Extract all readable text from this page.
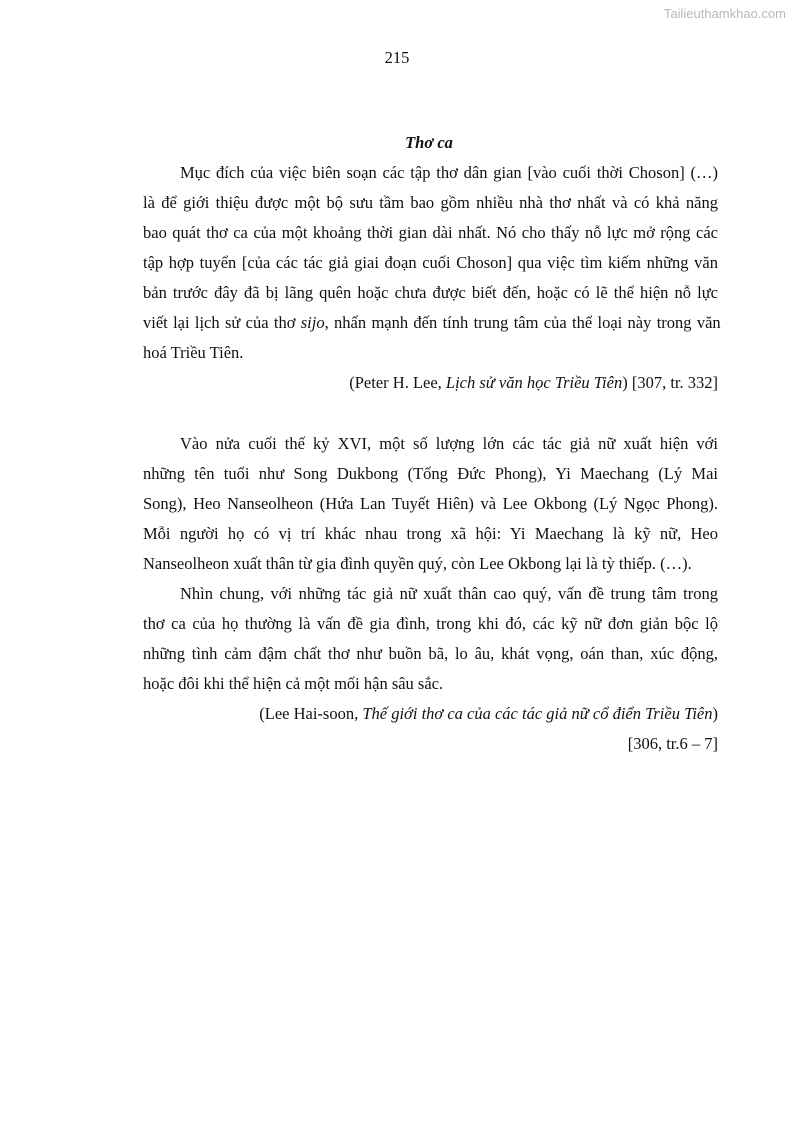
Tailieuthamkhao.com
215
Thơ ca
Mục đích của việc biên soạn các tập thơ dân gian [vào cuối thời Choson] (…)
là để giới thiệu được một bộ sưu tầm bao gồm nhiều nhà thơ nhất và có khả năng
bao quát thơ ca của một khoảng thời gian dài nhất. Nó cho thấy nỗ lực mở rộng các
tập hợp tuyển [của các tác giả giai đoạn cuối Choson] qua việc tìm kiếm những văn
bản trước đây đã bị lãng quên hoặc chưa được biết đến, hoặc có lẽ thể hiện nỗ lực
viết lại lịch sử của thơ sijo, nhấn mạnh đến tính trung tâm của thể loại này trong văn
hoá Triều Tiên.
(Peter H. Lee, Lịch sử văn học Triều Tiên) [307, tr. 332]
Vào nửa cuối thế kỷ XVI, một số lượng lớn các tác giả nữ xuất hiện với
những tên tuổi như Song Dukbong (Tống Đức Phong), Yi Maechang (Lý Mai
Song), Heo Nanseolheon (Hứa Lan Tuyết Hiên) và Lee Okbong (Lý Ngọc Phong).
Mỗi người họ có vị trí khác nhau trong xã hội: Yi Maechang là kỹ nữ, Heo
Nanseolheon xuất thân từ gia đình quyền quý, còn Lee Okbong lại là tỳ thiếp. (…).
Nhìn chung, với những tác giả nữ xuất thân cao quý, vấn đề trung tâm trong
thơ ca của họ thường là vấn đề gia đình, trong khi đó, các kỹ nữ đơn giản bộc lộ
những tình cảm đậm chất thơ như buồn bã, lo âu, khát vọng, oán than, xúc động,
hoặc đôi khi thể hiện cả một mối hận sâu sắc.
(Lee Hai-soon, Thế giới thơ ca của các tác giả nữ cổ điển Triều Tiên)
[306, tr.6 – 7]
